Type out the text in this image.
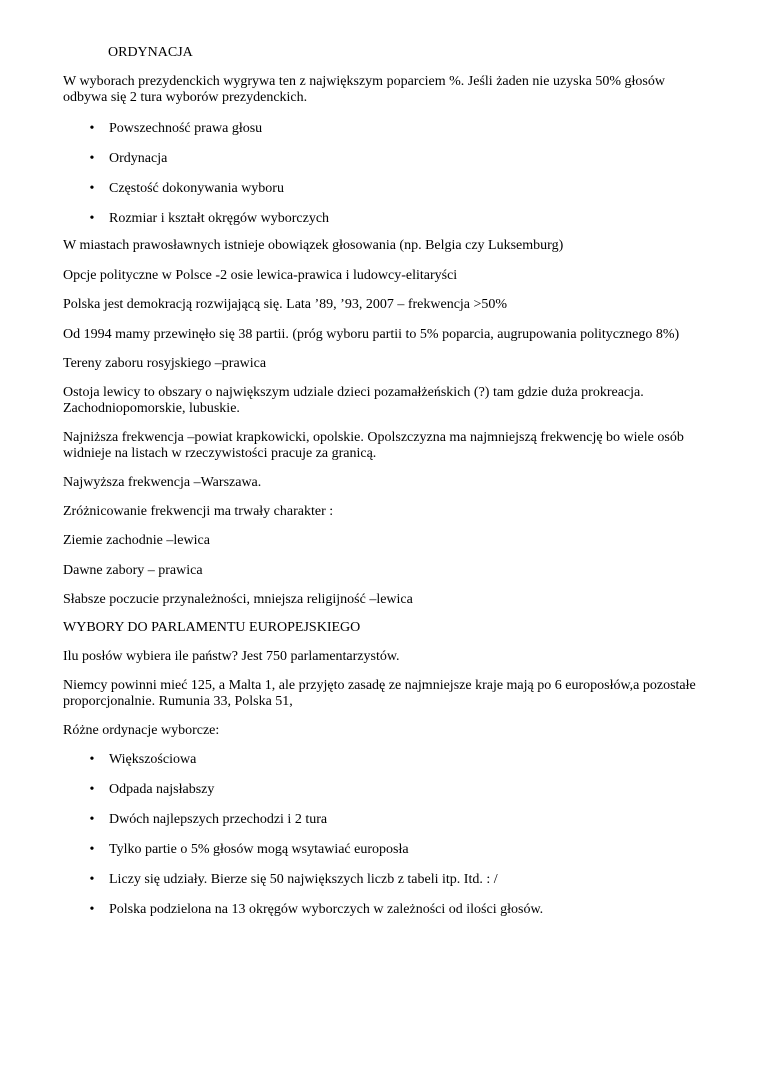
ORDYNACJA

W wyborach prezydenckich wygrywa ten z największym poparciem %. Jeśli żaden nie uzyska 50% głosów odbywa się 2 tura wyborów prezydenckich.

• Powszechność prawa głosu
• Ordynacja
• Częstość dokonywania wyboru
• Rozmiar i kształt okręgów wyborczych

W miastach prawosławnych istnieje obowiązek głosowania (np. Belgia czy Luksemburg)

Opcje polityczne w Polsce -2 osie lewica-prawica i ludowcy-elitaryści

Polska jest demokracją rozwijającą się. Lata ’89, ’93, 2007 – frekwencja >50%

Od 1994 mamy przewinęło się 38 partii. (próg wyboru partii to 5% poparcia, augrupowania politycznego 8%)

Tereny zaboru rosyjskiego –prawica

Ostoja lewicy to obszary o największym udziale dzieci pozamałżeńskich (?) tam gdzie duża prokreacja. Zachodniopomorskie, lubuskie.

Najniższa frekwencja –powiat krapkowicki, opolskie. Opolszczyzna ma najmniejszą frekwencję bo wiele osób widnieje na listach w rzeczywistości pracuje za granicą.

Najwyższa frekwencja –Warszawa.

Zróżnicowanie frekwencji ma trwały charakter :

Ziemie zachodnie –lewica

Dawne zabory – prawica

Słabsze poczucie przynależności, mniejsza religijność –lewica

WYBORY DO PARLAMENTU EUROPEJSKIEGO

Ilu posłów wybiera ile państw? Jest 750 parlamentarzystów.

Niemcy powinni mieć 125, a Malta 1, ale przyjęto zasadę ze najmniejsze kraje mają po 6 europosłów,a pozostałe proporcjonalnie. Rumunia 33, Polska 51,

Różne ordynacje wyborcze:

• Większościowa
• Odpada najsłabszy
• Dwóch najlepszych przechodzi i 2 tura
• Tylko partie o 5% głosów mogą wsytawiać europosła
• Liczy się udziały. Bierze się 50 największych liczb z tabeli itp. Itd. : /
• Polska podzielona na 13 okręgów wyborczych w zależności od ilości głosów.
